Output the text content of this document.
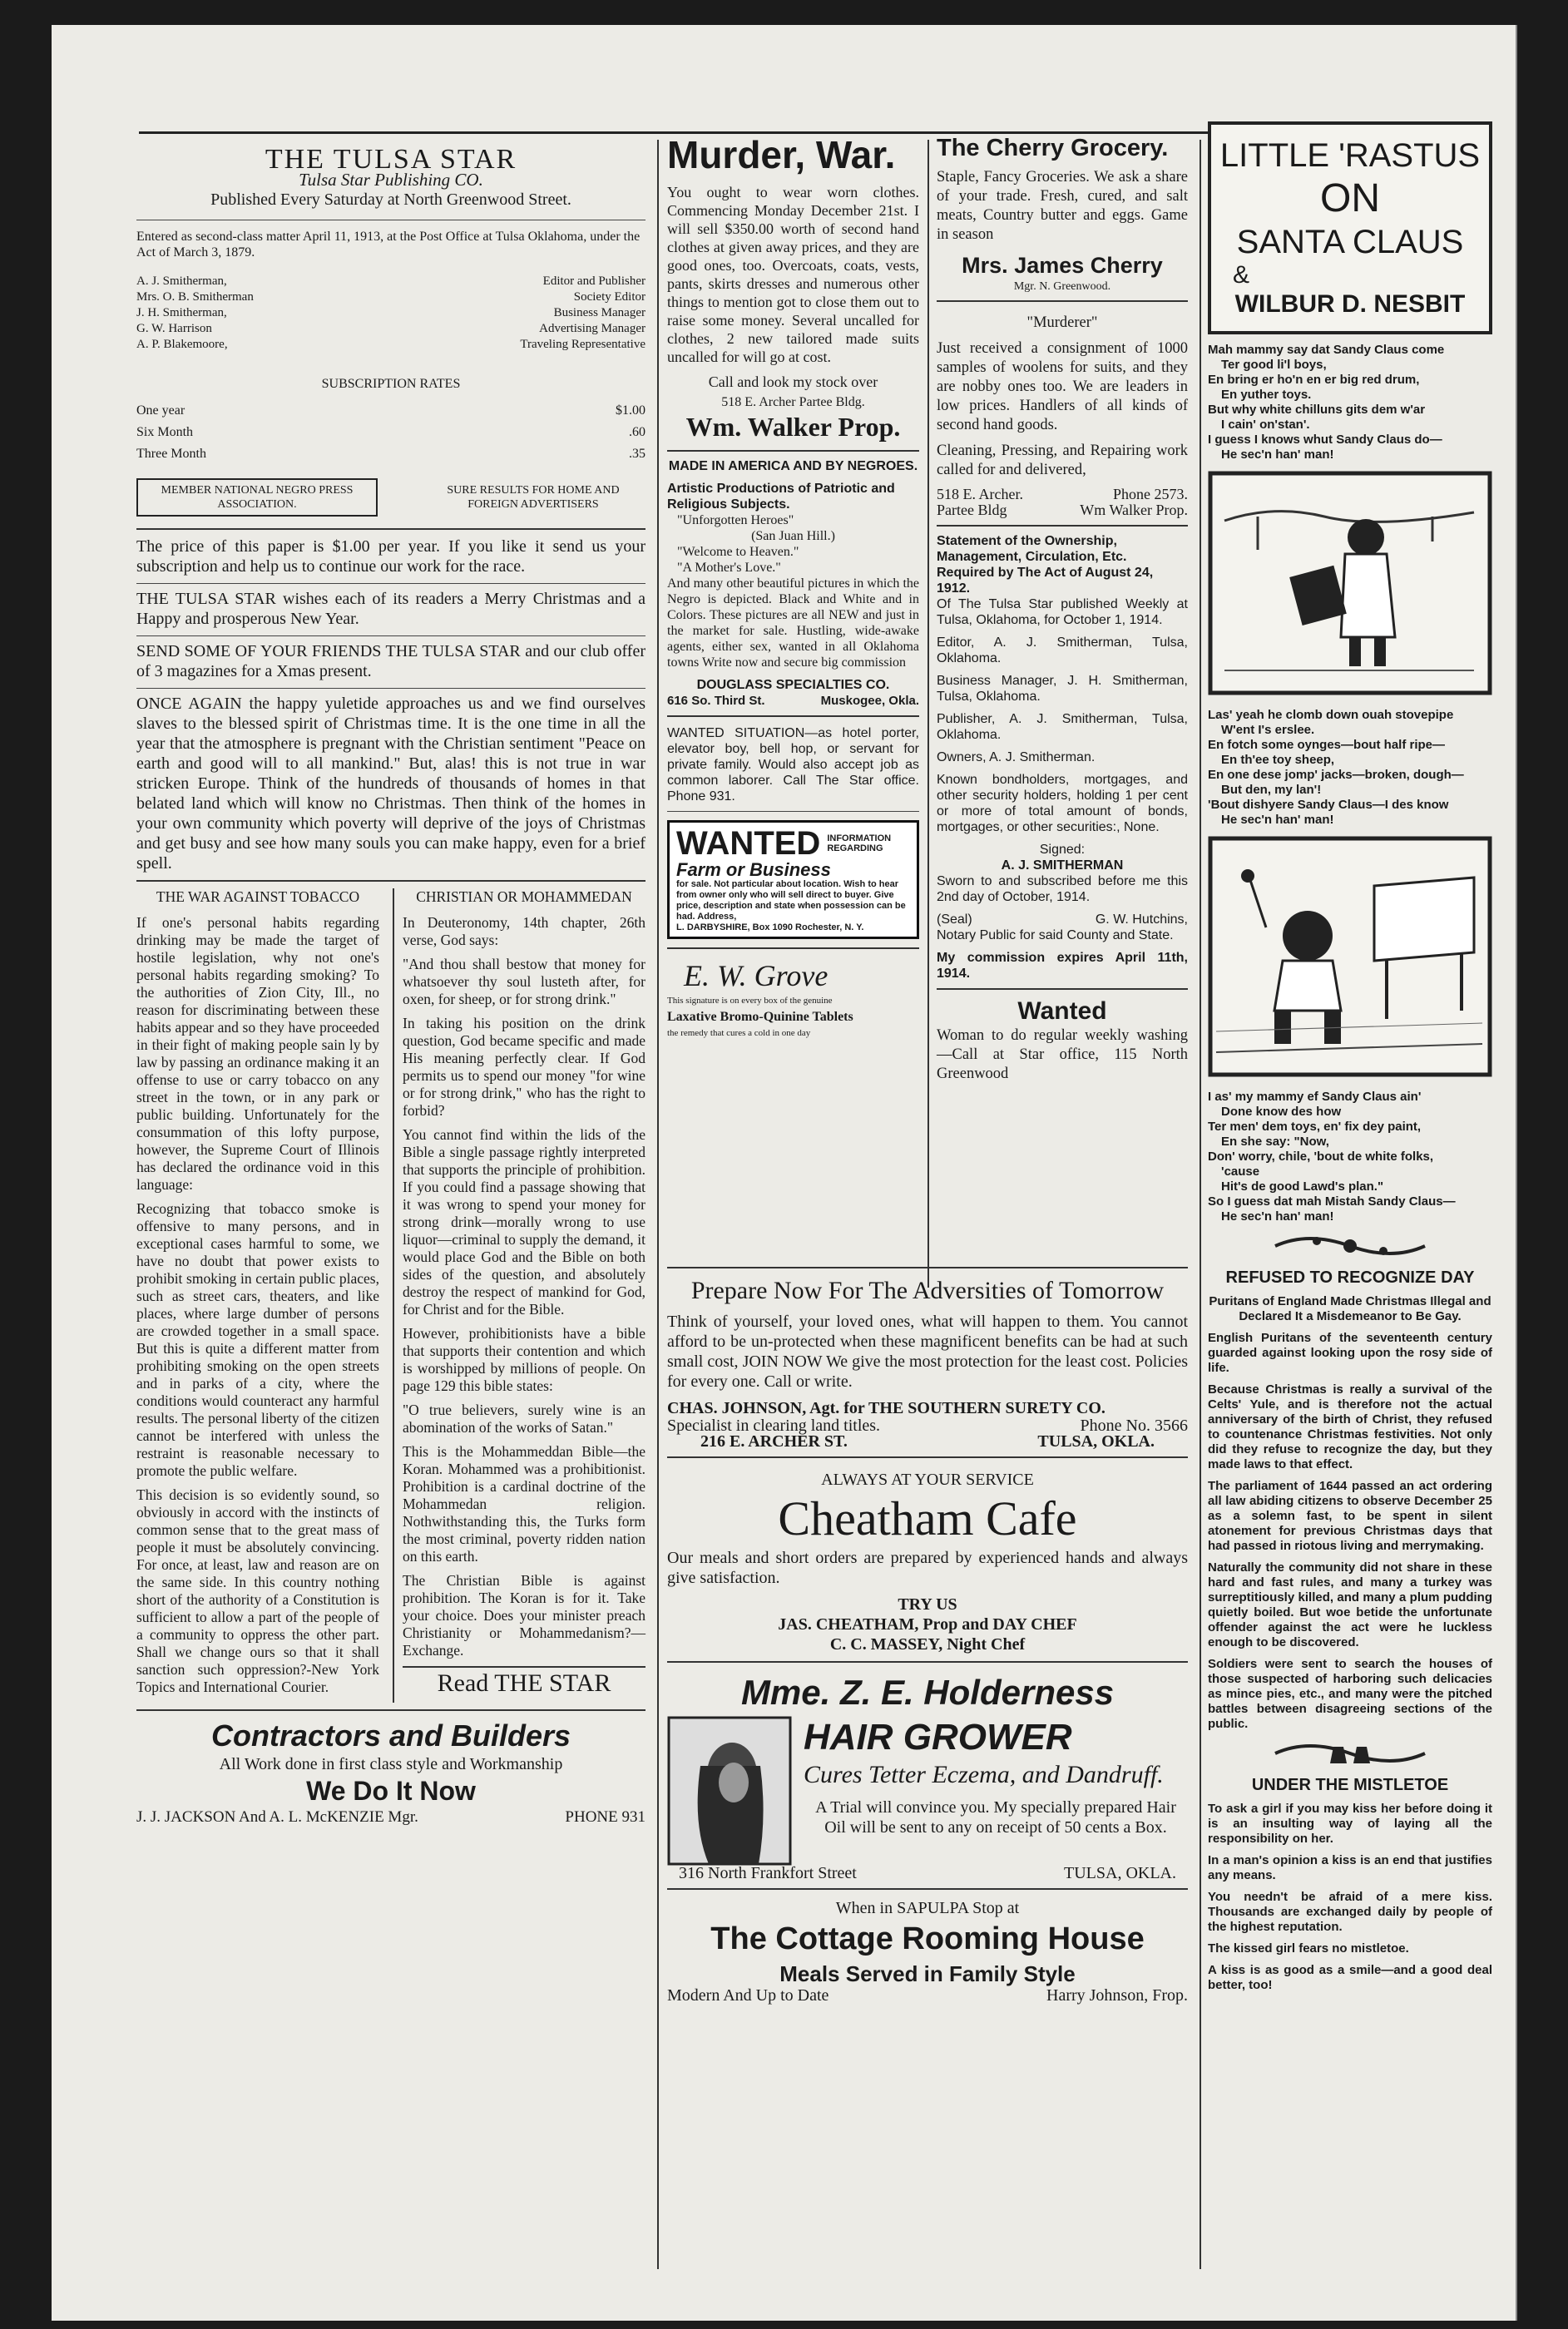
THE TULSA STAR
Tulsa Star Publishing CO.
Published Every Saturday at North Greenwood Street.
Entered as second-class matter April 11, 1913, at the Post Office at Tulsa Oklahoma, under the Act of March 3, 1879.
A. J. Smitherman,	Editor and Publisher
Mrs. O. B. Smitherman	Society Editor
J. H. Smitherman,	Business Manager
G. W. Harrison	Advertising Manager
A. P. Blakemoore,	Traveling Representative
SUBSCRIPTION RATES
One year	$1.00
Six Month	.60
Three Month	.35
MEMBER NATIONAL NEGRO PRESS ASSOCIATION.
SURE RESULTS FOR HOME AND FOREIGN ADVERTISERS

The price of this paper is $1.00 per year. If you like it send us your subscription and help us to continue our work for the race.

THE TULSA STAR wishes each of its readers a Merry Christmas and a Happy and prosperous New Year.

SEND SOME OF YOUR FRIENDS THE TULSA STAR and our club offer of 3 magazines for a Xmas present.

ONCE AGAIN the happy yuletide approaches us and we find ourselves slaves to the blessed spirit of Christmas time. It is the one time in all the year that the atmosphere is pregnant with the Christian sentiment "Peace on earth and good will to all mankind." But, alas! this is not true in war stricken Europe. Think of the hundreds of thousands of homes in that belated land which will know no Christmas. Then think of the homes in your own community which poverty will deprive of the joys of Christmas and get busy and see how many souls you can make happy, even for a brief spell.

THE WAR AGAINST TOBACCO

If one's personal habits regarding drinking may be made the target of hostile legislation, why not one's personal habits regarding smoking? To the authorities of Zion City, Ill., no reason for discriminating between these habits appear and so they have proceeded in their fight of making people sain ly by law by passing an ordinance making it an offense to use or carry tobacco on any street in the town, or in any park or public building. Unfortunately for the consummation of this lofty purpose, however, the Supreme Court of Illinois has declared the ordinance void in this language:

Recognizing that tobacco smoke is offensive to many persons, and in exceptional cases harmful to some, we have no doubt that power exists to prohibit smoking in certain public places, such as street cars, theaters, and like places, where large dumber of persons are crowded together in a small space. But this is quite a different matter from prohibiting smoking on the open streets and in parks of a city, where the conditions would counteract any harmful results. The personal liberty of the citizen cannot be interfered with unless the restraint is reasonable necessary to promote the public welfare.

This decision is so evidently sound, so obviously in accord with the instincts of common sense that to the great mass of people it must be absolutely convincing. For once, at least, law and reason are on the same side. In this country nothing short of the authority of a Constitution is sufficient to allow a part of the people of a community to oppress the other part. Shall we change ours so that it shall sanction such oppression?-New York Topics and International Courier.

CHRISTIAN OR MOHAMMEDAN

In Deuteronomy, 14th chapter, 26th verse, God says:

"And thou shall bestow that money for whatsoever thy soul lusteth after, for oxen, for sheep, or for strong drink."

In taking his position on the drink question, God became specific and made His meaning perfectly clear. If God permits us to spend our money "for wine or for strong drink," who has the right to forbid?

You cannot find within the lids of the Bible a single passage rightly interpreted that supports the principle of prohibition. If you could find a passage showing that it was wrong to spend your money for strong drink—morally wrong to use liquor—criminal to supply the demand, it would place God and the Bible on both sides of the question, and absolutely destroy the respect of mankind for God, for Christ and for the Bible.

However, prohibitionists have a bible that supports their contention and which is worshipped by millions of people. On page 129 this bible states:

"O true believers, surely wine is an abomination of the works of Satan."

This is the Mohammeddan Bible—the Koran. Mohammed was a prohibitionist. Prohibition is a cardinal doctrine of the Mohammedan religion. Nothwithstanding this, the Turks form the most criminal, poverty ridden nation on this earth.

The Christian Bible is against prohibition. The Koran is for it. Take your choice. Does your minister preach Christianity or Mohammedanism?—Exchange.

Read THE STAR
Contractors and Builders
All Work done in first class style and Workmanship
We Do It Now
J. J. JACKSON And A. L. McKENZIE Mgr.	PHONE 931
Murder, War.

You ought to wear worn clothes. Commencing Monday December 21st. I will sell $350.00 worth of second hand clothes at given away prices, and they are good ones, too. Overcoats, coats, vests, pants, skirts dresses and numerous other things to mention got to close them out to raise some money. Several uncalled for clothes, 2 new tailored made suits uncalled for will go at cost.

Call and look my stock over
518 E. Archer Partee Bldg.
Wm. Walker Prop.
MADE IN AMERICA AND BY NEGROES.
Artistic Productions of Patriotic and Religious Subjects.
"Unforgotten Heroes"
(San Juan Hill.)
"Welcome to Heaven."
"A Mother's Love."

And many other beautiful pictures in which the Negro is depicted. Black and White and in Colors. These pictures are all NEW and just in the market for sale. Hustling, wide-awake agents, either sex, wanted in all Oklahoma towns Write now and secure big commission

DOUGLASS SPECIALTIES CO.
616 So. Third St.	Muskogee, Okla.

WANTED SITUATION—as hotel porter, elevator boy, bell hop, or servant for private family. Would also accept job as common laborer. Call The Star office. Phone 931.

WANTED INFORMATION REGARDING
Farm or Business
for sale. Not particular about location. Wish to hear from owner only who will sell direct to buyer. Give price, description and state when possession can be had. Address,
L. DARBYSHIRE, Box 1090 Rochester, N. Y.
E. W. Grove
This signature is on every box of the genuine
Laxative Bromo-Quinine Tablets
the remedy that cures a cold in one day
The Cherry Grocery.

Staple, Fancy Groceries. We ask a share of your trade. Fresh, cured, and salt meats, Country butter and eggs. Game in season

Mrs. James Cherry
Mgr. N. Greenwood.
"Murderer"

Just received a consignment of 1000 samples of woolens for suits, and they are nobby ones too. We are leaders in low prices. Handlers of all kinds of second hand goods.

Cleaning, Pressing, and Repairing work called for and delivered,

518 E. Archer.	Phone 2573.
Partee Bldg	Wm Walker Prop.
Statement of the Ownership, Management, Circulation, Etc. Required by The Act of August 24, 1912.

Of The Tulsa Star published Weekly at Tulsa, Oklahoma, for October 1, 1914.

Editor, A. J. Smitherman, Tulsa, Oklahoma.

Business Manager, J. H. Smitherman, Tulsa, Oklahoma.

Publisher, A. J. Smitherman, Tulsa, Oklahoma.

Owners, A. J. Smitherman.

Known bondholders, mortgages, and other security holders, holding 1 per cent or more of total amount of bonds, mortgages, or other securities:, None.

Signed:
A. J. SMITHERMAN

Sworn to and subscribed before me this 2nd day of October, 1914.

(Seal)	G. W. Hutchins,

Notary Public for said County and State.

My commission expires April 11th, 1914.

Wanted

Woman to do regular weekly washing —Call at Star office, 115 North Greenwood

Prepare Now For The Adversities of Tomorrow

Think of yourself, your loved ones, what will happen to them. You cannot afford to be un-protected when these magnificent benefits can be had at such small cost, JOIN NOW We give the most protection for the least cost. Policies for every one. Call or write.

CHAS. JOHNSON, Agt. for THE SOUTHERN SURETY CO.
Specialist in clearing land titles.	Phone No. 3566
216 E. ARCHER ST.	TULSA, OKLA.
ALWAYS AT YOUR SERVICE
Cheatham Cafe

Our meals and short orders are prepared by experienced hands and always give satisfaction.

TRY US
JAS. CHEATHAM, Prop and DAY CHEF
C. C. MASSEY, Night Chef
Mme. Z. E. Holderness
HAIR GROWER
Cures Tetter Eczema, and Dandruff.

A Trial will convince you. My specially prepared Hair Oil will be sent to any on receipt of 50 cents a Box.

316 North Frankfort Street	TULSA, OKLA.
When in SAPULPA Stop at
The Cottage Rooming House
Meals Served in Family Style
Modern And Up to Date	Harry Johnson, Frop.
LITTLE 'RASTUS
ON
SANTA CLAUS
&
WILBUR D. NESBIT
Mah mammy say dat Sandy Claus come
Ter good li'l boys,
En bring er ho'n en er big red drum,
En yuther toys.
But why white chilluns gits dem w'ar
I cain' on'stan'.
I guess I knows whut Sandy Claus do—
He sec'n han' man!
Las' yeah he clomb down ouah stovepipe
W'ent I's erslee.
En fotch some oynges—bout half ripe—
En th'ee toy sheep,
En one dese jomp' jacks—broken, dough—
But den, my lan'!
'Bout dishyere Sandy Claus—I des know
He sec'n han' man!
I as' my mammy ef Sandy Claus ain'
Done know des how
Ter men' dem toys, en' fix dey paint,
En she say: "Now,
Don' worry, chile, 'bout de white folks,
'cause
Hit's de good Lawd's plan."
So I guess dat mah Mistah Sandy Claus—
He sec'n han' man!
REFUSED TO RECOGNIZE DAY
Puritans of England Made Christmas Illegal and Declared It a Misdemeanor to Be Gay.

English Puritans of the seventeenth century guarded against looking upon the rosy side of life.

Because Christmas is really a survival of the Celts' Yule, and is therefore not the actual anniversary of the birth of Christ, they refused to countenance Christmas festivities. Not only did they refuse to recognize the day, but they made laws to that effect.

The parliament of 1644 passed an act ordering all law abiding citizens to observe December 25 as a solemn fast, to be spent in silent atonement for previous Christmas days that had passed in riotous living and merrymaking.

Naturally the community did not share in these hard and fast rules, and many a turkey was surreptitiously killed, and many a plum pudding quietly boiled. But woe betide the unfortunate offender against the act were he luckless enough to be discovered.

Soldiers were sent to search the houses of those suspected of harboring such delicacies as mince pies, etc., and many were the pitched battles between disagreeing sections of the public.

UNDER THE MISTLETOE

To ask a girl if you may kiss her before doing it is an insulting way of laying all the responsibility on her.

In a man's opinion a kiss is an end that justifies any means.

You needn't be afraid of a mere kiss. Thousands are exchanged daily by people of the highest reputation.

The kissed girl fears no mistletoe.

A kiss is as good as a smile—and a good deal better, too!
